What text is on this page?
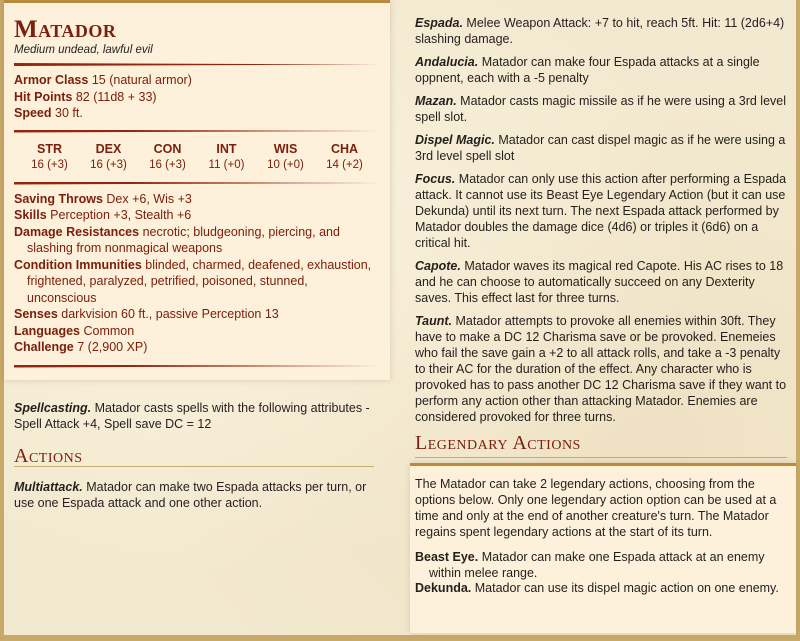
Matador
Medium undead, lawful evil
Armor Class 15 (natural armor)
Hit Points 82 (11d8 + 33)
Speed 30 ft.
STR
16 (+3)
DEX
16 (+3)
CON
16 (+3)
INT
11 (+0)
WIS
10 (+0)
CHA
14 (+2)
Saving Throws Dex +6, Wis +3
Skills Perception +3, Stealth +6
Damage Resistances necrotic; bludgeoning, piercing, and slashing from nonmagical weapons
Condition Immunities blinded, charmed, deafened, exhaustion, frightened, paralyzed, petrified, poisoned, stunned, unconscious
Senses darkvision 60 ft., passive Perception 13
Languages Common
Challenge 7 (2,900 XP)
Spellcasting. Matador casts spells with the following attributes - Spell Attack +4, Spell save DC = 12
Actions
Multiattack. Matador can make two Espada attacks per turn, or use one Espada attack and one other action.
Espada. Melee Weapon Attack: +7 to hit, reach 5ft. Hit: 11 (2d6+4) slashing damage.
Andalucia. Matador can make four Espada attacks at a single oppnent, each with a -5 penalty
Mazan. Matador casts magic missile as if he were using a 3rd level spell slot.
Dispel Magic. Matador can cast dispel magic as if he were using a 3rd level spell slot
Focus. Matador can only use this action after performing a Espada attack. It cannot use its Beast Eye Legendary Action (but it can use Dekunda) until its next turn. The next Espada attack performed by Matador doubles the damage dice (4d6) or triples it (6d6) on a critical hit.
Capote. Matador waves its magical red Capote. His AC rises to 18 and he can choose to automatically succeed on any Dexterity saves. This effect last for three turns.
Taunt. Matador attempts to provoke all enemies within 30ft. They have to make a DC 12 Charisma save or be provoked. Enemeies who fail the save gain a +2 to all attack rolls, and take a -3 penalty to their AC for the duration of the effect. Any character who is provoked has to pass another DC 12 Charisma save if they want to perform any action other than attacking Matador. Enemies are considered provoked for three turns.
Legendary Actions
The Matador can take 2 legendary actions, choosing from the options below. Only one legendary action option can be used at a time and only at the end of another creature's turn. The Matador regains spent legendary actions at the start of its turn.
Beast Eye. Matador can make one Espada attack at an enemy within melee range.
Dekunda. Matador can use its dispel magic action on one enemy.
